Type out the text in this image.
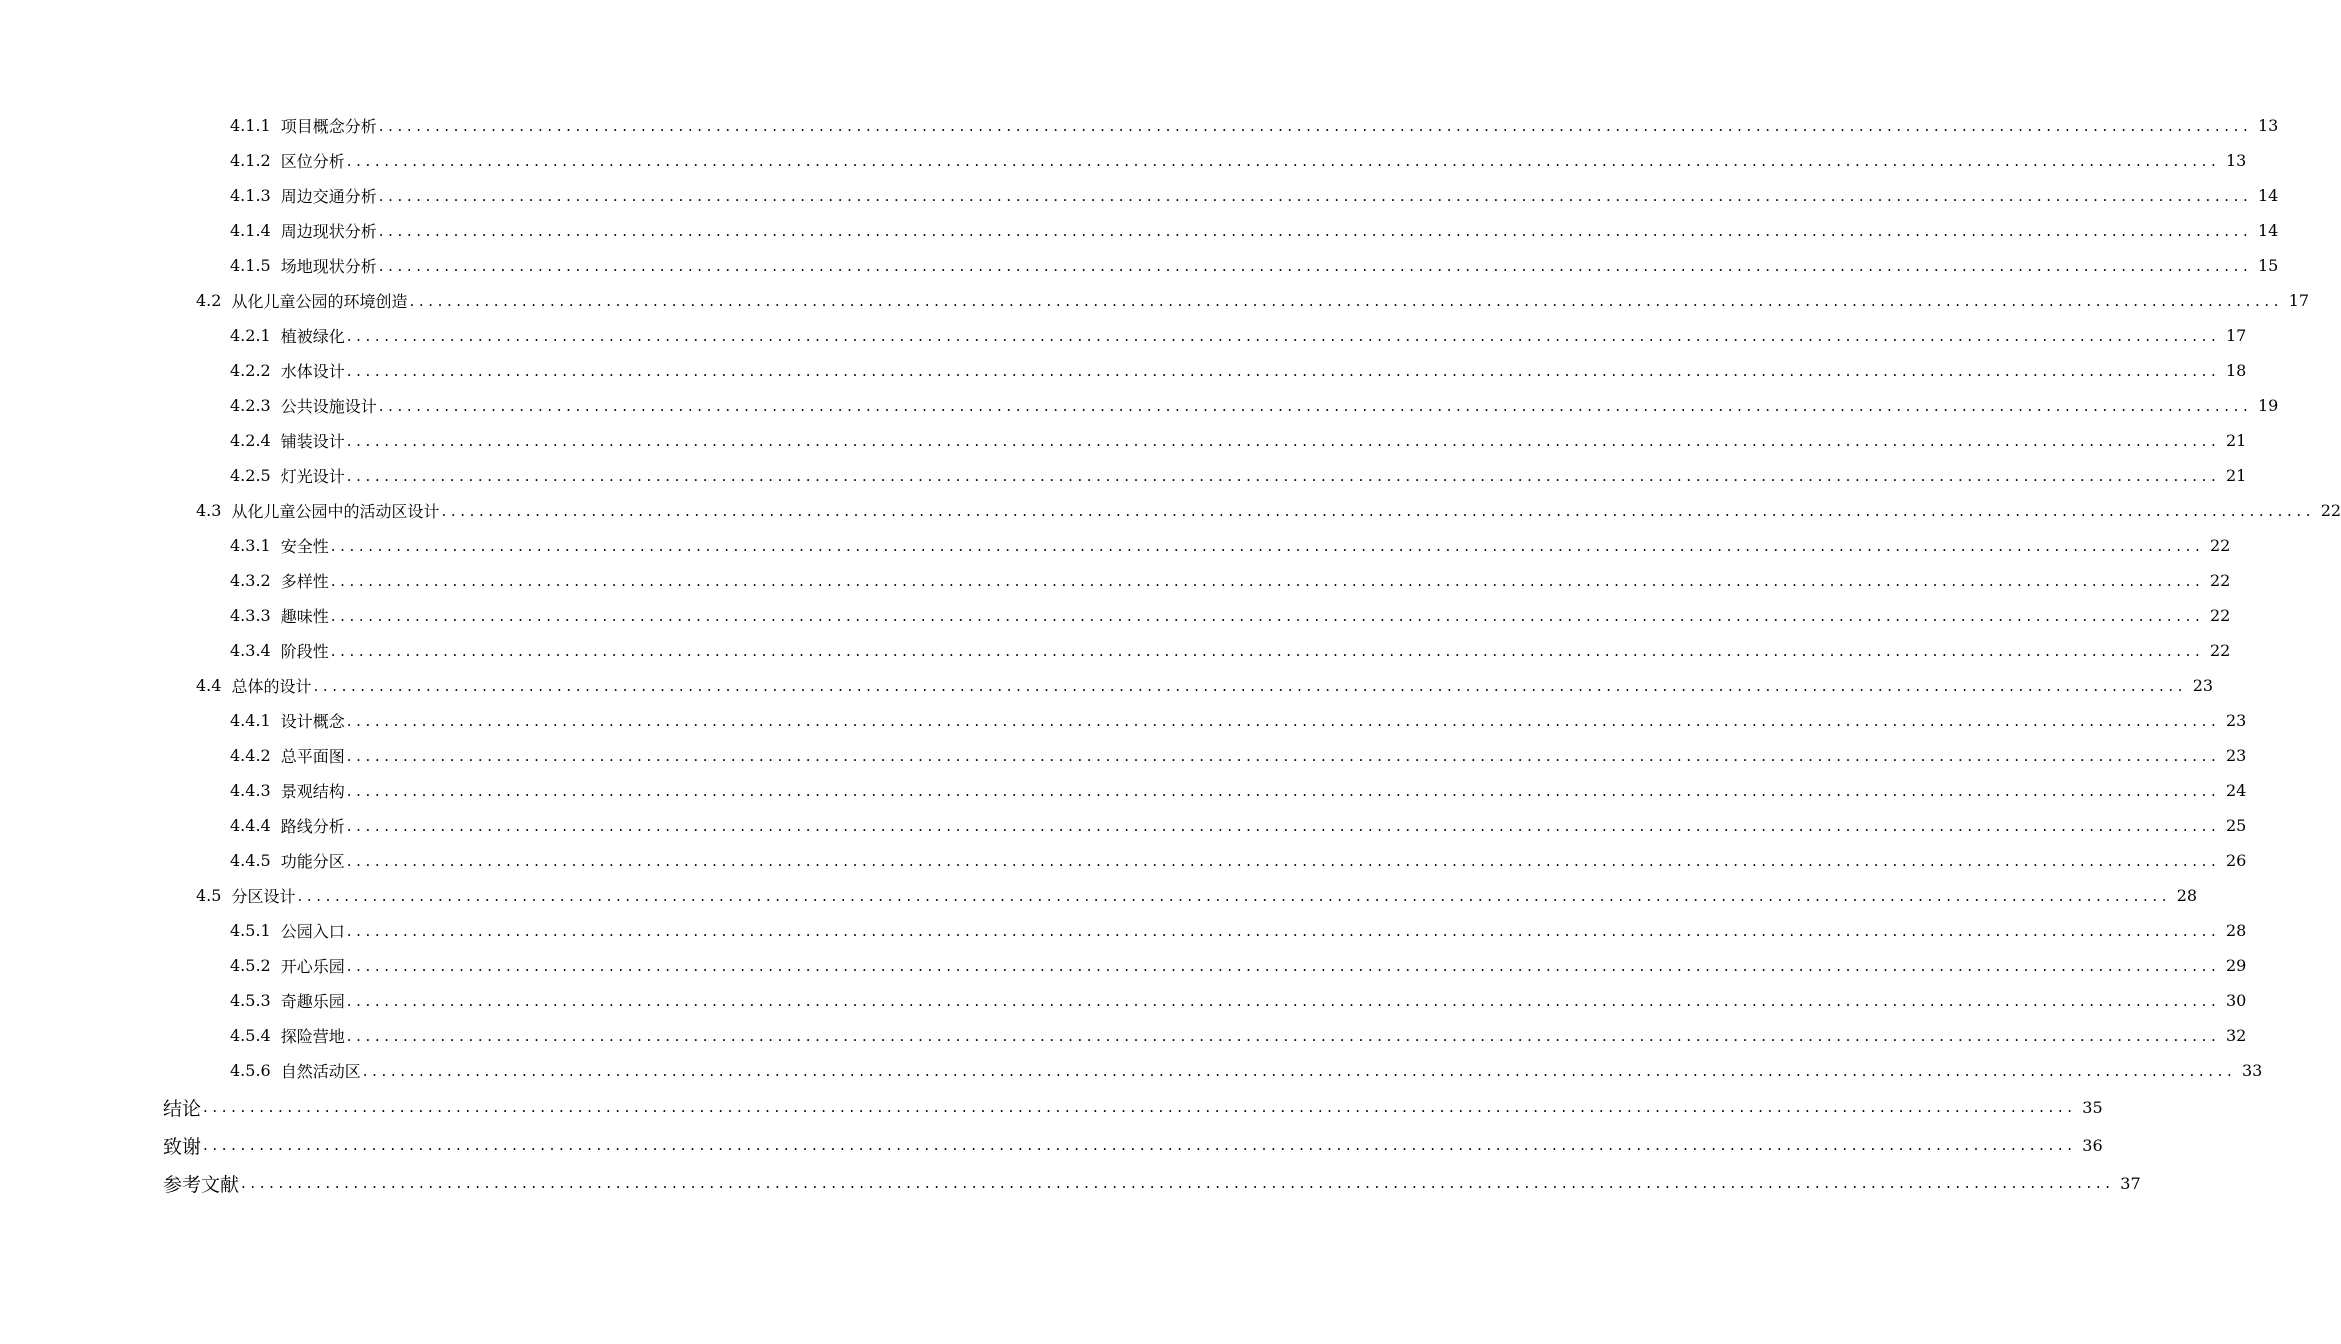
4.1.1 项目概念分析 ........................................................................................................................................................................................................ 13
4.1.2 区位分析 ........................................................................................................................................................................................................ 13
4.1.3 周边交通分析 ........................................................................................................................................................................................................ 14
4.1.4 周边现状分析 ........................................................................................................................................................................................................ 14
4.1.5 场地现状分析 ........................................................................................................................................................................................................ 15
4.2 从化儿童公园的环境创造 ........................................................................................................................................................................................................ 17
4.2.1 植被绿化 ........................................................................................................................................................................................................ 17
4.2.2 水体设计 ........................................................................................................................................................................................................ 18
4.2.3 公共设施设计 ........................................................................................................................................................................................................ 19
4.2.4 铺装设计 ........................................................................................................................................................................................................ 21
4.2.5 灯光设计 ........................................................................................................................................................................................................ 21
4.3 从化儿童公园中的活动区设计 ........................................................................................................................................................................................................ 22
4.3.1 安全性 ........................................................................................................................................................................................................ 22
4.3.2 多样性 ........................................................................................................................................................................................................ 22
4.3.3 趣味性 ........................................................................................................................................................................................................ 22
4.3.4 阶段性 ........................................................................................................................................................................................................ 22
4.4 总体的设计 ........................................................................................................................................................................................................ 23
4.4.1 设计概念 ........................................................................................................................................................................................................ 23
4.4.2 总平面图 ........................................................................................................................................................................................................ 23
4.4.3 景观结构 ........................................................................................................................................................................................................ 24
4.4.4 路线分析 ........................................................................................................................................................................................................ 25
4.4.5 功能分区 ........................................................................................................................................................................................................ 26
4.5 分区设计 ........................................................................................................................................................................................................ 28
4.5.1 公园入口 ........................................................................................................................................................................................................ 28
4.5.2 开心乐园 ........................................................................................................................................................................................................ 29
4.5.3 奇趣乐园 ........................................................................................................................................................................................................ 30
4.5.4 探险营地 ........................................................................................................................................................................................................ 32
4.5.6 自然活动区 ........................................................................................................................................................................................................ 33
结论 ........................................................................................................................................................................................................ 35
致谢 ........................................................................................................................................................................................................ 36
参考文献 ........................................................................................................................................................................................................ 37
